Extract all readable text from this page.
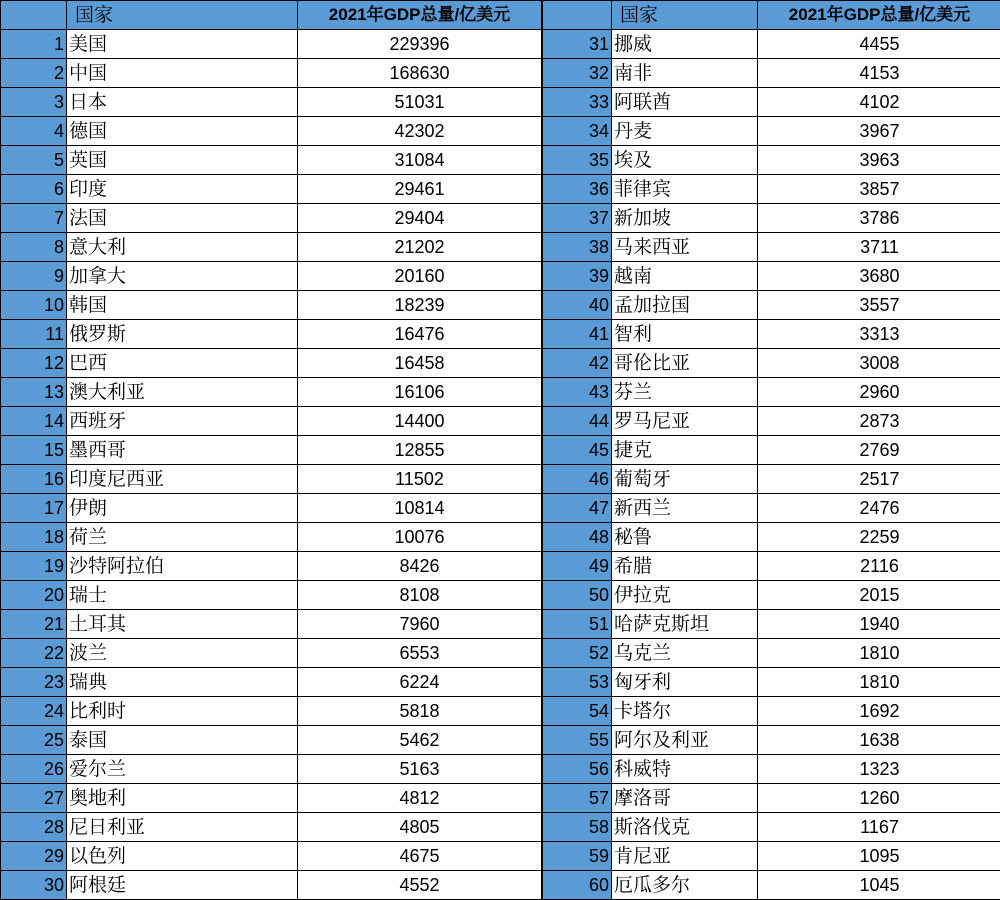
	国家	2021年GDP总量/亿美元
1	美国	229396
2	中国	168630
3	日本	51031
4	德国	42302
5	英国	31084
6	印度	29461
7	法国	29404
8	意大利	21202
9	加拿大	20160
10	韩国	18239
11	俄罗斯	16476
12	巴西	16458
13	澳大利亚	16106
14	西班牙	14400
15	墨西哥	12855
16	印度尼西亚	11502
17	伊朗	10814
18	荷兰	10076
19	沙特阿拉伯	8426
20	瑞士	8108
21	土耳其	7960
22	波兰	6553
23	瑞典	6224
24	比利时	5818
25	泰国	5462
26	爱尔兰	5163
27	奥地利	4812
28	尼日利亚	4805
29	以色列	4675
30	阿根廷	4552
	国家	2021年GDP总量/亿美元
31	挪威	4455
32	南非	4153
33	阿联酋	4102
34	丹麦	3967
35	埃及	3963
36	菲律宾	3857
37	新加坡	3786
38	马来西亚	3711
39	越南	3680
40	孟加拉国	3557
41	智利	3313
42	哥伦比亚	3008
43	芬兰	2960
44	罗马尼亚	2873
45	捷克	2769
46	葡萄牙	2517
47	新西兰	2476
48	秘鲁	2259
49	希腊	2116
50	伊拉克	2015
51	哈萨克斯坦	1940
52	乌克兰	1810
53	匈牙利	1810
54	卡塔尔	1692
55	阿尔及利亚	1638
56	科威特	1323
57	摩洛哥	1260
58	斯洛伐克	1167
59	肯尼亚	1095
60	厄瓜多尔	1045
